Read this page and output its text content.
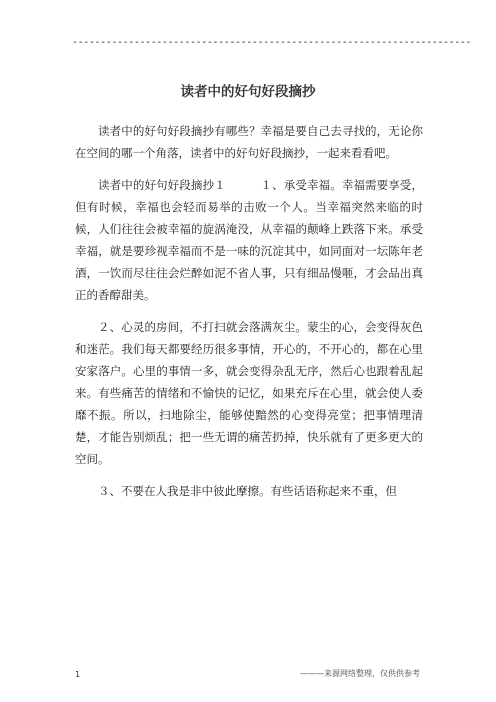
-----------------------------------------------------------------------
读者中的好句好段摘抄

读者中的好句好段摘抄有哪些？幸福是要自己去寻找的，无论你在空间的哪一个角落，读者中的好句好段摘抄，一起来看看吧。

读者中的好句好段摘抄１　　　１、承受幸福。幸福需要享受，但有时候，幸福也会轻而易举的击败一个人。当幸福突然来临的时候，人们往往会被幸福的旋涡淹没，从幸福的颠峰上跌落下来。承受幸福，就是要珍视幸福而不是一味的沉淀其中，如同面对一坛陈年老酒，一饮而尽往往会烂醉如泥不省人事，只有细品慢咂，才会品出真正的香醇甜美。

２、心灵的房间，不打扫就会落满灰尘。蒙尘的心，会变得灰色和迷茫。我们每天都要经历很多事情，开心的，不开心的，都在心里安家落户。心里的事情一多，就会变得杂乱无序，然后心也跟着乱起来。有些痛苦的情绪和不愉快的记忆，如果充斥在心里，就会使人委靡不振。所以，扫地除尘，能够使黯然的心变得亮堂；把事情理清楚，才能告别烦乱；把一些无谓的痛苦扔掉，快乐就有了更多更大的空间。

３、不要在人我是非中彼此摩擦。有些话语称起来不重，但

1	———来源网络整理，仅供供参考
